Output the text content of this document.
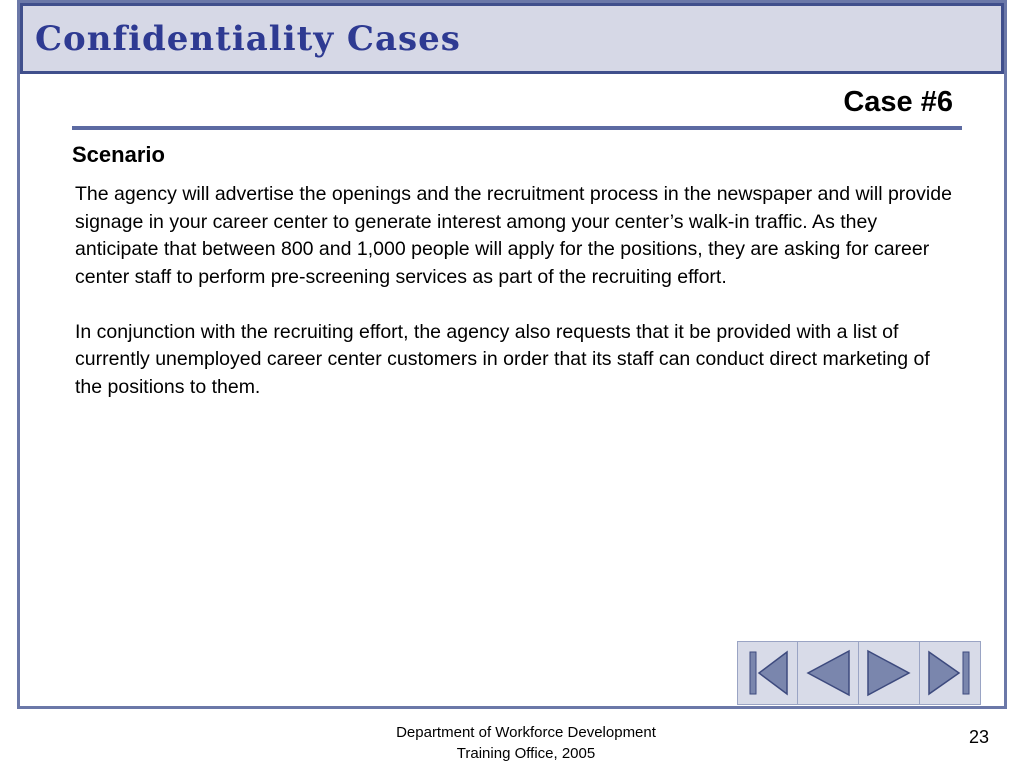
Confidentiality Cases
Case #6
Scenario

The agency will advertise the openings and the recruitment process in the newspaper and will provide signage in your career center to generate interest among your center’s walk-in traffic. As they anticipate that between 800 and 1,000 people will apply for the positions, they are asking for career center staff to perform pre-screening services as part of the recruiting effort.

In conjunction with the recruiting effort, the agency also requests that it be provided with a list of currently unemployed career center customers in order that its staff can conduct direct marketing of the positions to them.

Department of Workforce Development
Training Office, 2005
23
